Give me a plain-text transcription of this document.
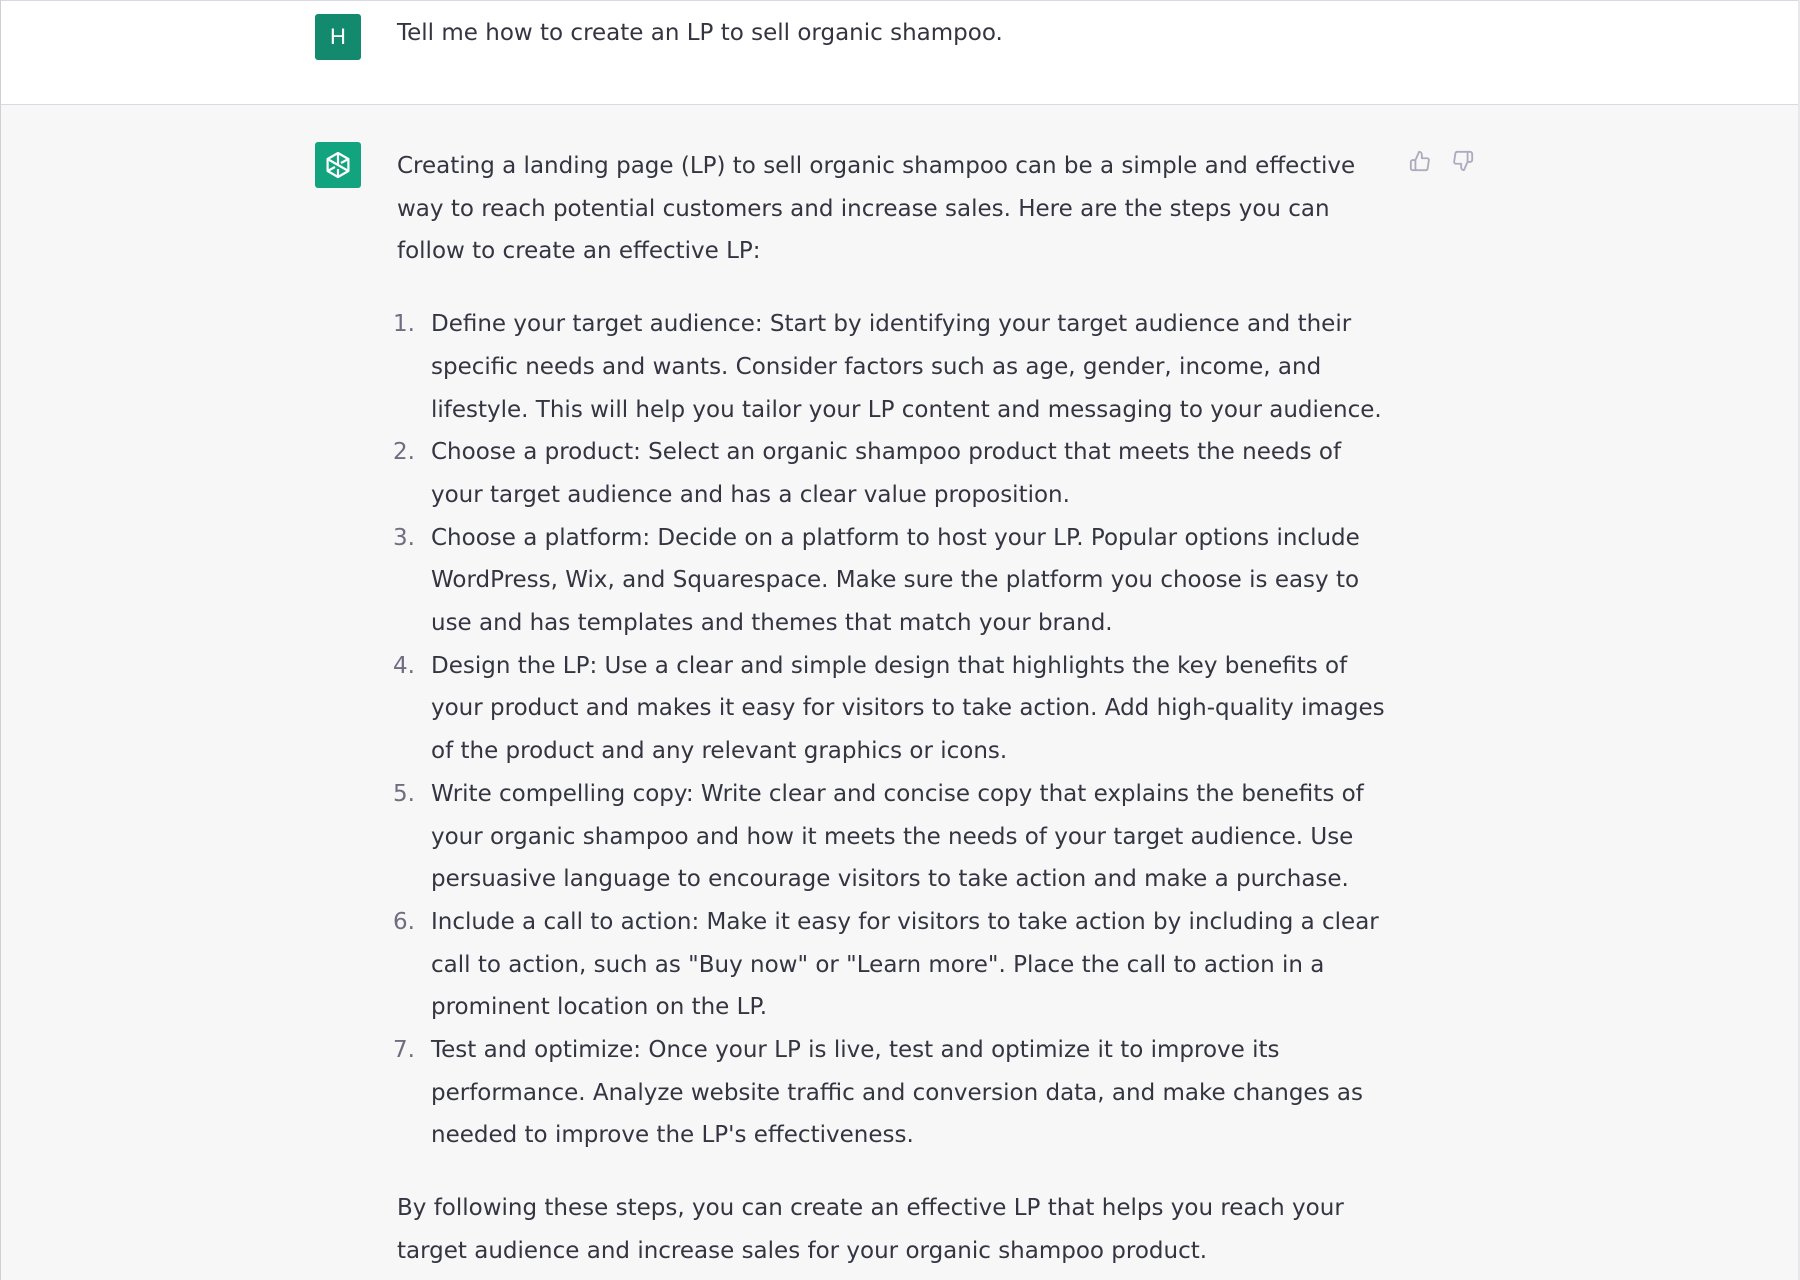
H Tell me how to create an LP to sell organic shampoo.

Creating a landing page (LP) to sell organic shampoo can be a simple and effective way to reach potential customers and increase sales. Here are the steps you can follow to create an effective LP:

1. Define your target audience: Start by identifying your target audience and their specific needs and wants. Consider factors such as age, gender, income, and lifestyle. This will help you tailor your LP content and messaging to your audience.
2. Choose a product: Select an organic shampoo product that meets the needs of your target audience and has a clear value proposition.
3. Choose a platform: Decide on a platform to host your LP. Popular options include WordPress, Wix, and Squarespace. Make sure the platform you choose is easy to use and has templates and themes that match your brand.
4. Design the LP: Use a clear and simple design that highlights the key benefits of your product and makes it easy for visitors to take action. Add high-quality images of the product and any relevant graphics or icons.
5. Write compelling copy: Write clear and concise copy that explains the benefits of your organic shampoo and how it meets the needs of your target audience. Use persuasive language to encourage visitors to take action and make a purchase.
6. Include a call to action: Make it easy for visitors to take action by including a clear call to action, such as "Buy now" or "Learn more". Place the call to action in a prominent location on the LP.
7. Test and optimize: Once your LP is live, test and optimize it to improve its performance. Analyze website traffic and conversion data, and make changes as needed to improve the LP's effectiveness.

By following these steps, you can create an effective LP that helps you reach your target audience and increase sales for your organic shampoo product.
